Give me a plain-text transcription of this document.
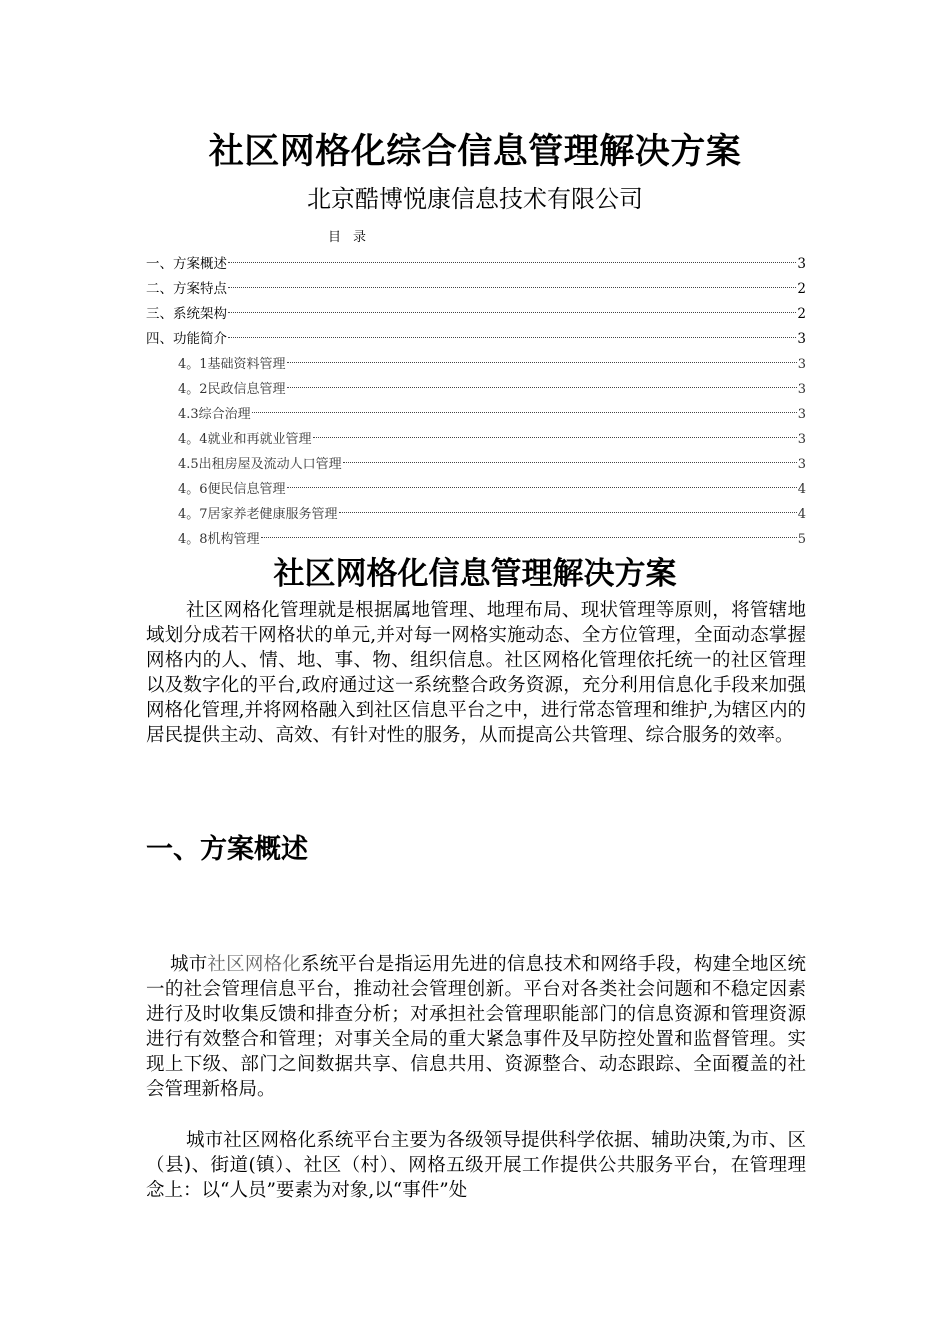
社区网格化综合信息管理解决方案
北京酷博悦康信息技术有限公司
目录
一、方案概述	3
二、方案特点	2
三、系统架构	2
四、功能简介	3
4。1基础资料管理	3
4。2民政信息管理	3
4.3综合治理	3
4。4就业和再就业管理	3
4.5出租房屋及流动人口管理	3
4。6便民信息管理	4
4。7居家养老健康服务管理	4
4。8机构管理	5
社区网格化信息管理解决方案

社区网格化管理就是根据属地管理、地理布局、现状管理等原则，将管辖地域划分成若干网格状的单元,并对每一网格实施动态、全方位管理，全面动态掌握网格内的人、情、地、事、物、组织信息。社区网格化管理依托统一的社区管理以及数字化的平台,政府通过这一系统整合政务资源，充分利用信息化手段来加强网格化管理,并将网格融入到社区信息平台之中，进行常态管理和维护,为辖区内的居民提供主动、高效、有针对性的服务，从而提高公共管理、综合服务的效率。

一、方案概述

城市社区网格化系统平台是指运用先进的信息技术和网络手段，构建全地区统一的社会管理信息平台，推动社会管理创新。平台对各类社会问题和不稳定因素进行及时收集反馈和排查分析；对承担社会管理职能部门的信息资源和管理资源进行有效整合和管理；对事关全局的重大紧急事件及早防控处置和监督管理。实现上下级、部门之间数据共享、信息共用、资源整合、动态跟踪、全面覆盖的社会管理新格局。

城市社区网格化系统平台主要为各级领导提供科学依据、辅助决策,为市、区（县)、街道(镇）、社区（村）、网格五级开展工作提供公共服务平台，在管理理念上：以“人员”要素为对象,以“事件”处
